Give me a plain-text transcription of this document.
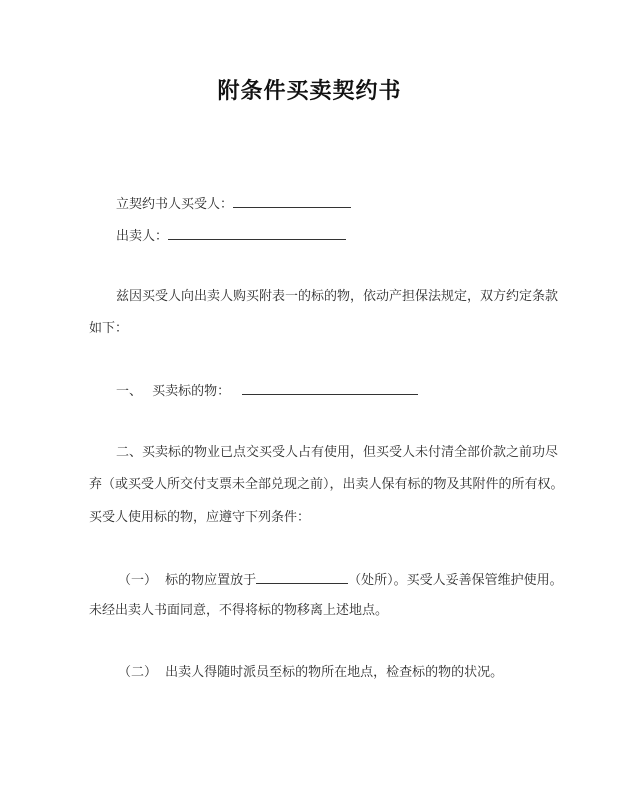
附条件买卖契约书
立契约书人买受人：
出卖人：
兹因买受人向出卖人购买附表一的标的物，依动产担保法规定，双方约定条款
如下：
一、 买卖标的物：
二、买卖标的物业已点交买受人占有使用，但买受人未付清全部价款之前功尽
弃（或买受人所交付支票未全部兑现之前），出卖人保有标的物及其附件的所有权。
买受人使用标的物，应遵守下列条件：
（一） 标的物应置放于	（处所）。买受人妥善保管维护使用。
未经出卖人书面同意，不得将标的物移离上述地点。
（二） 出卖人得随时派员至标的物所在地点，检查标的物的状况。
